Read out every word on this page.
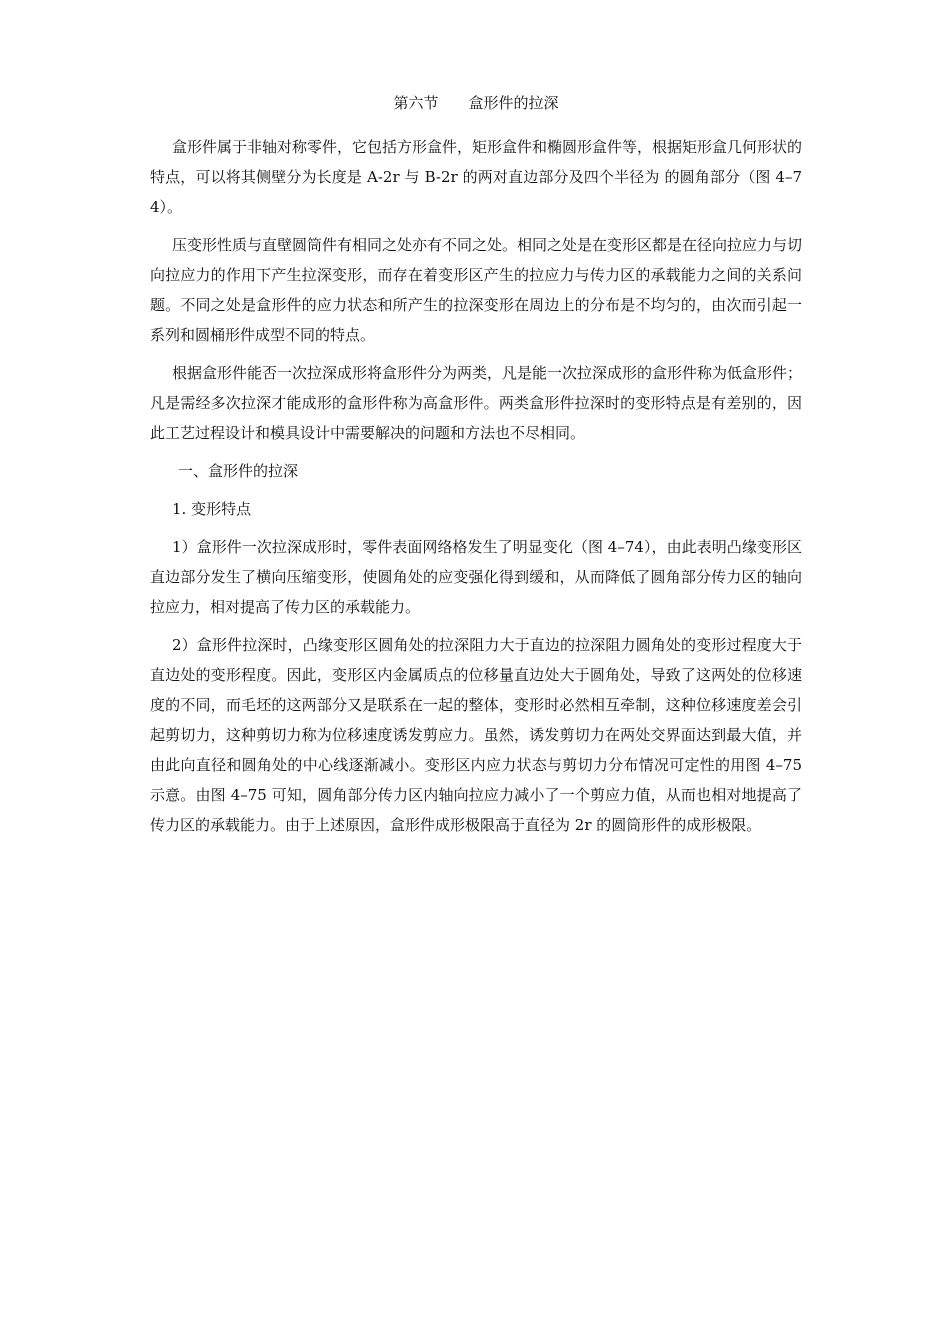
第六节　　盒形件的拉深

盒形件属于非轴对称零件，它包括方形盒件，矩形盒件和椭圆形盒件等，根据矩形盒几何形状的特点，可以将其侧壁分为长度是 A-2r 与 B-2r 的两对直边部分及四个半径为 的圆角部分（图 4–74）。

压变形性质与直壁圆筒件有相同之处亦有不同之处。相同之处是在变形区都是在径向拉应力与切向拉应力的作用下产生拉深变形，而存在着变形区产生的拉应力与传力区的承载能力之间的关系问题。不同之处是盒形件的应力状态和所产生的拉深变形在周边上的分布是不均匀的，由次而引起一系列和圆桶形件成型不同的特点。

根据盒形件能否一次拉深成形将盒形件分为两类，凡是能一次拉深成形的盒形件称为低盒形件；凡是需经多次拉深才能成形的盒形件称为高盒形件。两类盒形件拉深时的变形特点是有差别的，因此工艺过程设计和模具设计中需要解决的问题和方法也不尽相同。

一、盒形件的拉深
1. 变形特点

1）盒形件一次拉深成形时，零件表面网络格发生了明显变化（图 4–74），由此表明凸缘变形区直边部分发生了横向压缩变形，使圆角处的应变强化得到缓和，从而降低了圆角部分传力区的轴向拉应力，相对提高了传力区的承载能力。

2）盒形件拉深时，凸缘变形区圆角处的拉深阻力大于直边的拉深阻力圆角处的变形过程度大于直边处的变形程度。因此，变形区内金属质点的位移量直边处大于圆角处，导致了这两处的位移速度的不同，而毛坯的这两部分又是联系在一起的整体，变形时必然相互牵制，这种位移速度差会引起剪切力，这种剪切力称为位移速度诱发剪应力。虽然，诱发剪切力在两处交界面达到最大值，并由此向直径和圆角处的中心线逐渐减小。变形区内应力状态与剪切力分布情况可定性的用图 4–75 示意。由图 4–75 可知，圆角部分传力区内轴向拉应力减小了一个剪应力值，从而也相对地提高了传力区的承载能力。由于上述原因，盒形件成形极限高于直径为 2r 的圆筒形件的成形极限。
